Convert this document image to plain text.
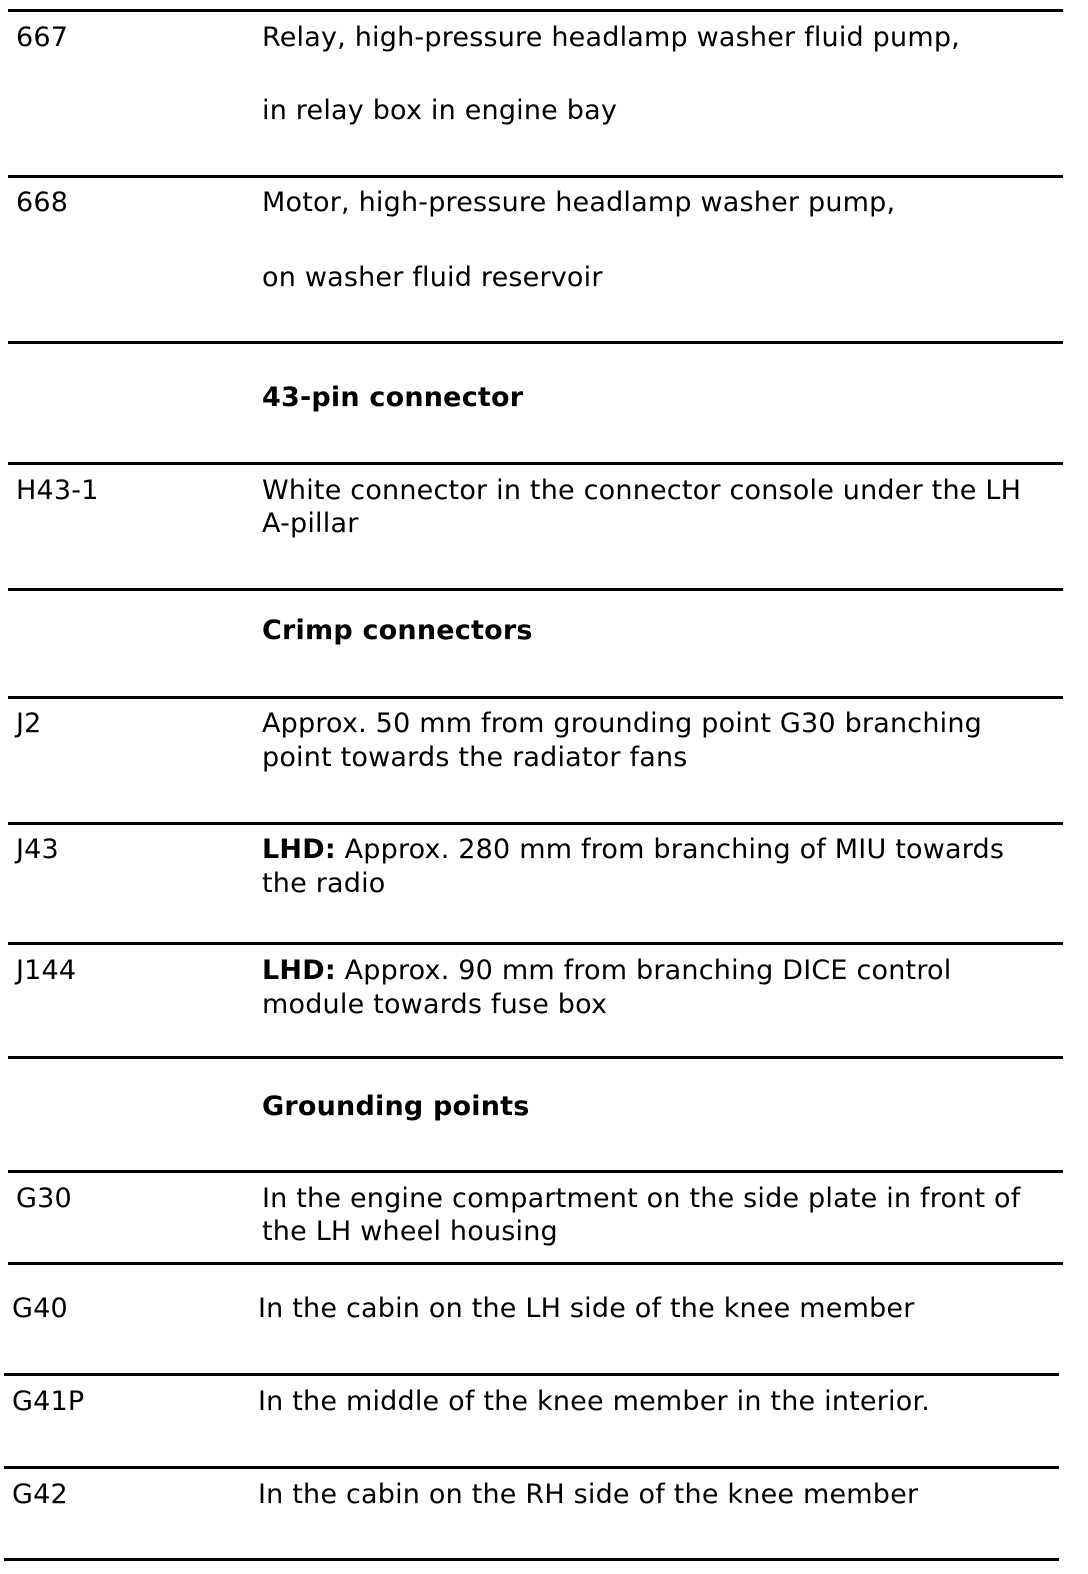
667	Relay, high-pressure headlamp washer fluid pump,
in relay box in engine bay
668	Motor, high-pressure headlamp washer pump,
on washer fluid reservoir
43-pin connector
H43-1	White connector in the connector console under the LH
A-pillar
Crimp connectors
J2	Approx. 50 mm from grounding point G30 branching
point towards the radiator fans
J43	LHD: Approx. 280 mm from branching of MIU towards
the radio
J144	LHD: Approx. 90 mm from branching DICE control
module towards fuse box
Grounding points
G30	In the engine compartment on the side plate in front of
the LH wheel housing
G40	In the cabin on the LH side of the knee member
G41P	In the middle of the knee member in the interior.
G42	In the cabin on the RH side of the knee member
